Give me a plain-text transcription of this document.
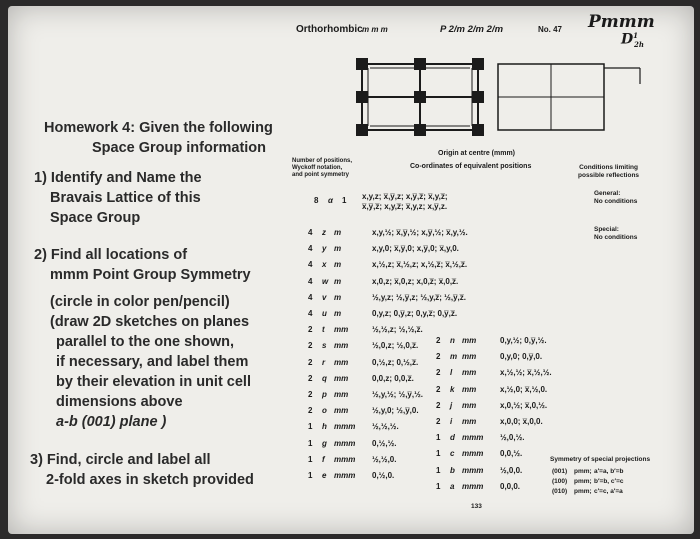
Homework 4: Given the following
Space Group information
1) Identify and Name the
Bravais Lattice of this
Space Group
2) Find all locations of
mmm Point Group Symmetry
(circle in color pen/pencil)
(draw 2D sketches on planes
parallel to the one shown,
if necessary, and label them
by their elevation in unit cell
dimensions above
a-b (001) plane )
3) Find, circle and label all
2-fold axes in sketch provided
Orthorhombic m m m	P 2/m 2/m 2/m	No. 47 Pmmm
$D^1_{2h}$
Origin at centre (mmm)
Co-ordinates of equivalent positions
Number of positions,
Wyckoff notation,
and point symmetry
Conditions limiting
possible reflections
General:
No conditions
Special:
No conditions
8 α 1	x,y,z; x̅,y̅,z; x,y̅,z̅; x̅,y,z̅;
x̅,y̅,z̅; x,y,z̅; x̅,y,z; x,y̅,z.
4 z m	x,y,½; x̅,y̅,½; x,y̅,½; x̅,y,½.
4 y m	x,y,0; x̅,y̅,0; x,y̅,0; x̅,y,0.
4 x m	x,½,z; x̅,½,z; x,½,z̅; x̅,½,z̅.
4 w m	x,0,z; x̅,0,z; x,0,z̅; x̅,0,z̅.
4 v m	½,y,z; ½,y̅,z; ½,y,z̅; ½,y̅,z̅.
4 u m	0,y,z; 0,y̅,z; 0,y,z̅; 0,y̅,z̅.
2 t mm	½,½,z; ½,½,z̅.
2 s mm	½,0,z; ½,0,z̅.
2 r mm	0,½,z; 0,½,z̅.
2 q mm	0,0,z; 0,0,z̅.
2 p mm	½,y,½; ½,y̅,½.
2 o mm	½,y,0; ½,y̅,0.
1 h mmm ½,½,½.
1 g mmm 0,½,½.
1 f mmm ½,½,0.
1 e mmm 0,½,0.
2 n mm	0,y,½; 0,y̅,½.
2 m mm	0,y,0; 0,y̅,0.
2 l mm	x,½,½; x̅,½,½.
2 k mm	x,½,0; x̅,½,0.
2 j mm	x,0,½; x̅,0,½.
2 i mm	x,0,0; x̅,0,0.
1 d mmm ½,0,½.
1 c mmm 0,0,½.
1 b mmm ½,0,0.
1 a mmm 0,0,0.
Symmetry of special projections
(001) pmm; a′=a, b′=b
(100) pmm; b′=b, c′=c
(010) pmm; c′=c, a′=a
133
